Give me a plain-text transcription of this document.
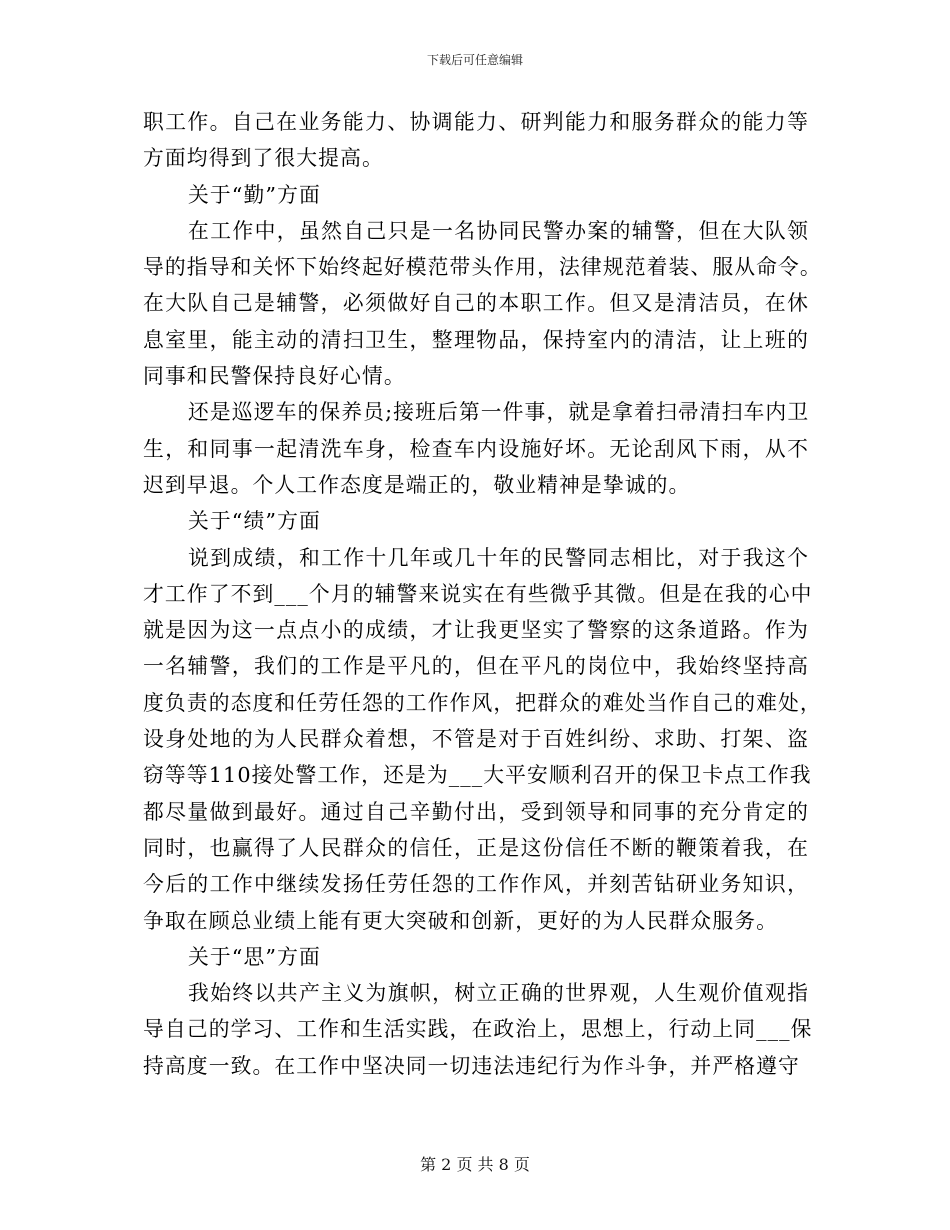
下载后可任意编辑
职工作。自己在业务能力、协调能力、研判能力和服务群众的能力等
方面均得到了很大提高。
关于“勤”方面
在工作中，虽然自己只是一名协同民警办案的辅警，但在大队领
导的指导和关怀下始终起好模范带头作用，法律规范着装、服从命令。
在大队自己是辅警，必须做好自己的本职工作。但又是清洁员，在休
息室里，能主动的清扫卫生，整理物品，保持室内的清洁，让上班的
同事和民警保持良好心情。
还是巡逻车的保养员;接班后第一件事，就是拿着扫帚清扫车内卫
生，和同事一起清洗车身，检查车内设施好坏。无论刮风下雨，从不
迟到早退。个人工作态度是端正的，敬业精神是挚诚的。
关于“绩”方面
说到成绩，和工作十几年或几十年的民警同志相比，对于我这个
才工作了不到___个月的辅警来说实在有些微乎其微。但是在我的心中
就是因为这一点点小的成绩，才让我更坚实了警察的这条道路。作为
一名辅警，我们的工作是平凡的，但在平凡的岗位中，我始终坚持高
度负责的态度和任劳任怨的工作作风，把群众的难处当作自己的难处，
设身处地的为人民群众着想，不管是对于百姓纠纷、求助、打架、盗
窃等等110接处警工作，还是为___大平安顺利召开的保卫卡点工作我
都尽量做到最好。通过自己辛勤付出，受到领导和同事的充分肯定的
同时，也赢得了人民群众的信任，正是这份信任不断的鞭策着我，在
今后的工作中继续发扬任劳任怨的工作作风，并刻苦钻研业务知识，
争取在顾总业绩上能有更大突破和创新，更好的为人民群众服务。
关于“思”方面
我始终以共产主义为旗帜，树立正确的世界观，人生观价值观指
导自己的学习、工作和生活实践，在政治上，思想上，行动上同___保
持高度一致。在工作中坚决同一切违法违纪行为作斗争，并严格遵守
第 2 页 共 8 页
